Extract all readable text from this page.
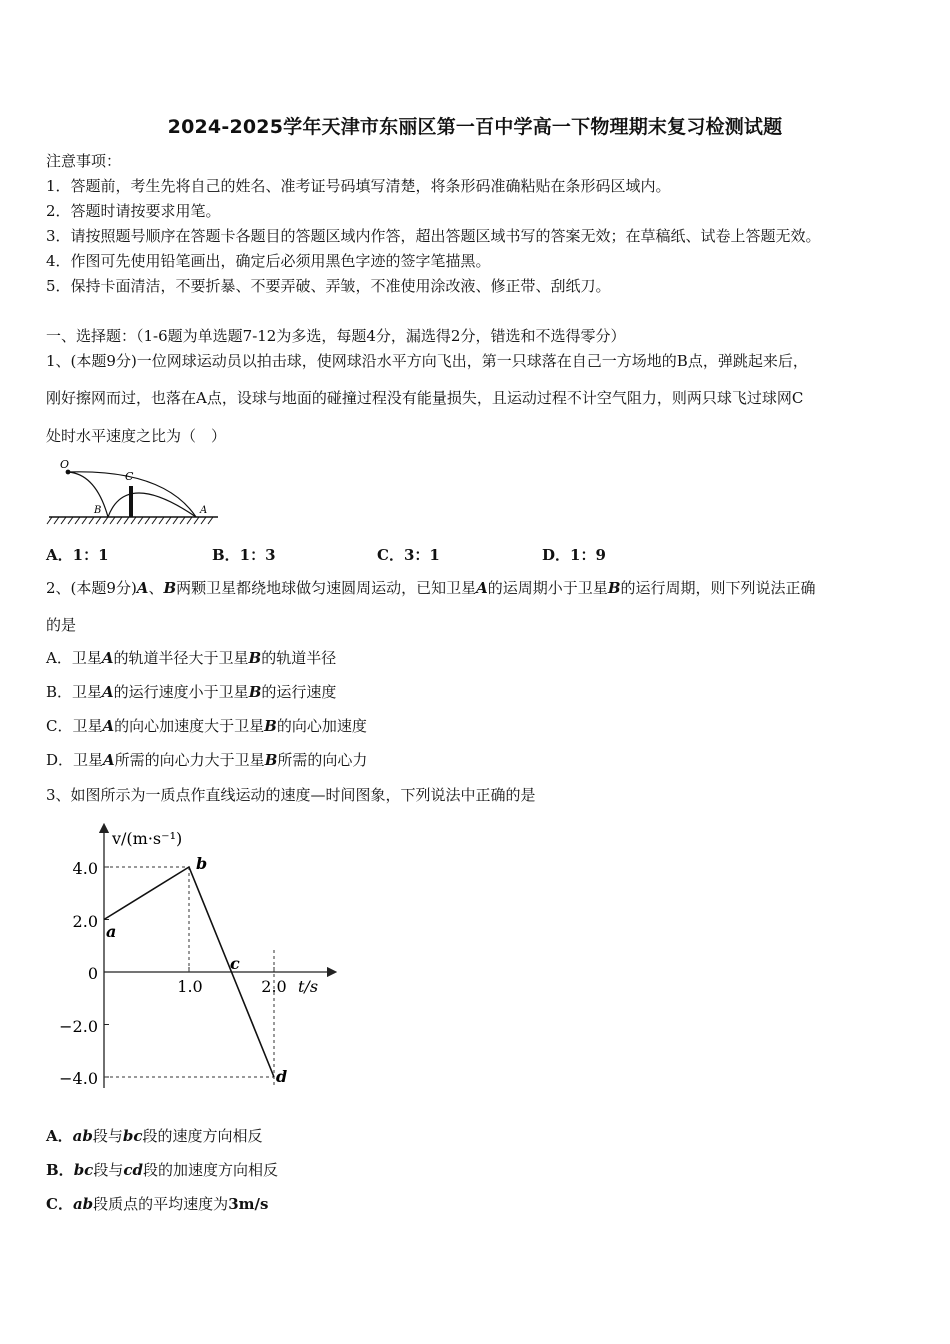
2024-2025学年天津市东丽区第一百中学高一下物理期末复习检测试题
注意事项：
1．答题前，考生先将自己的姓名、准考证号码填写清楚，将条形码准确粘贴在条形码区域内。
2．答题时请按要求用笔。
3．请按照题号顺序在答题卡各题目的答题区域内作答，超出答题区域书写的答案无效；在草稿纸、试卷上答题无效。
4．作图可先使用铅笔画出，确定后必须用黑色字迹的签字笔描黑。
5．保持卡面清洁，不要折暴、不要弄破、弄皱，不准使用涂改液、修正带、刮纸刀。
一、选择题：（1-6题为单选题7-12为多选，每题4分，漏选得2分，错选和不选得零分）
1、(本题9分)一位网球运动员以拍击球，使网球沿水平方向飞出，第一只球落在自己一方场地的B点，弹跳起来后，
刚好擦网而过，也落在A点，设球与地面的碰撞过程没有能量损失，且运动过程不计空气阻力，则两只球飞过球网C
处时水平速度之比为（　）
O
C
B	A
A．1：1	B．1：3	C．3：1	D．1：9
2、(本题9分)A、B两颗卫星都绕地球做匀速圆周运动，已知卫星A的运周期小于卫星B的运行周期，则下列说法正确
的是
A．卫星A的轨道半径大于卫星B的轨道半径
B．卫星A的运行速度小于卫星B的运行速度
C．卫星A的向心加速度大于卫星B的向心加速度
D．卫星A所需的向心力大于卫星B所需的向心力
3、如图所示为一质点作直线运动的速度—时间图象，下列说法中正确的是
v/(m·s⁻¹)
t/s
4.0
2.0
0
−2.0
−4.0
1.0	2.0
a
b
c
d
A．ab段与bc段的速度方向相反
B．bc段与cd段的加速度方向相反
C．ab段质点的平均速度为3m/s
